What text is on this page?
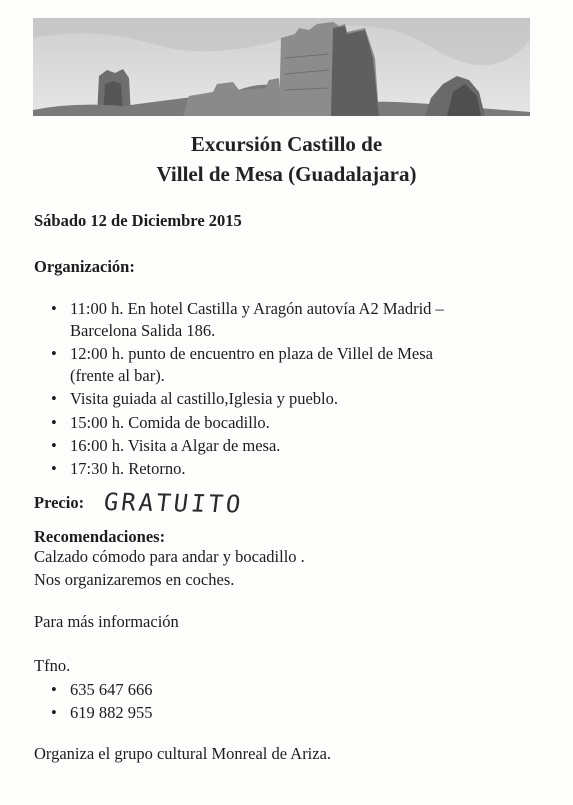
Excursión Castillo de
Villel de Mesa (Guadalajara)
Sábado 12 de Diciembre 2015
Organización:
• 11:00 h. En hotel Castilla y Aragón autovía A2 Madrid –
Barcelona Salida 186.
• 12:00 h. punto de encuentro en plaza de Villel de Mesa
(frente al bar).
• Visita guiada al castillo,Iglesia y pueblo.
• 15:00 h. Comida de bocadillo.
• 16:00 h. Visita a Algar de mesa.
• 17:30 h. Retorno.
Precio: GRATUITO
Recomendaciones:
Calzado cómodo para andar y bocadillo .
Nos organizaremos en coches.
Para más información
Tfno.
• 635 647 666
• 619 882 955
Organiza el grupo cultural Monreal de Ariza.
